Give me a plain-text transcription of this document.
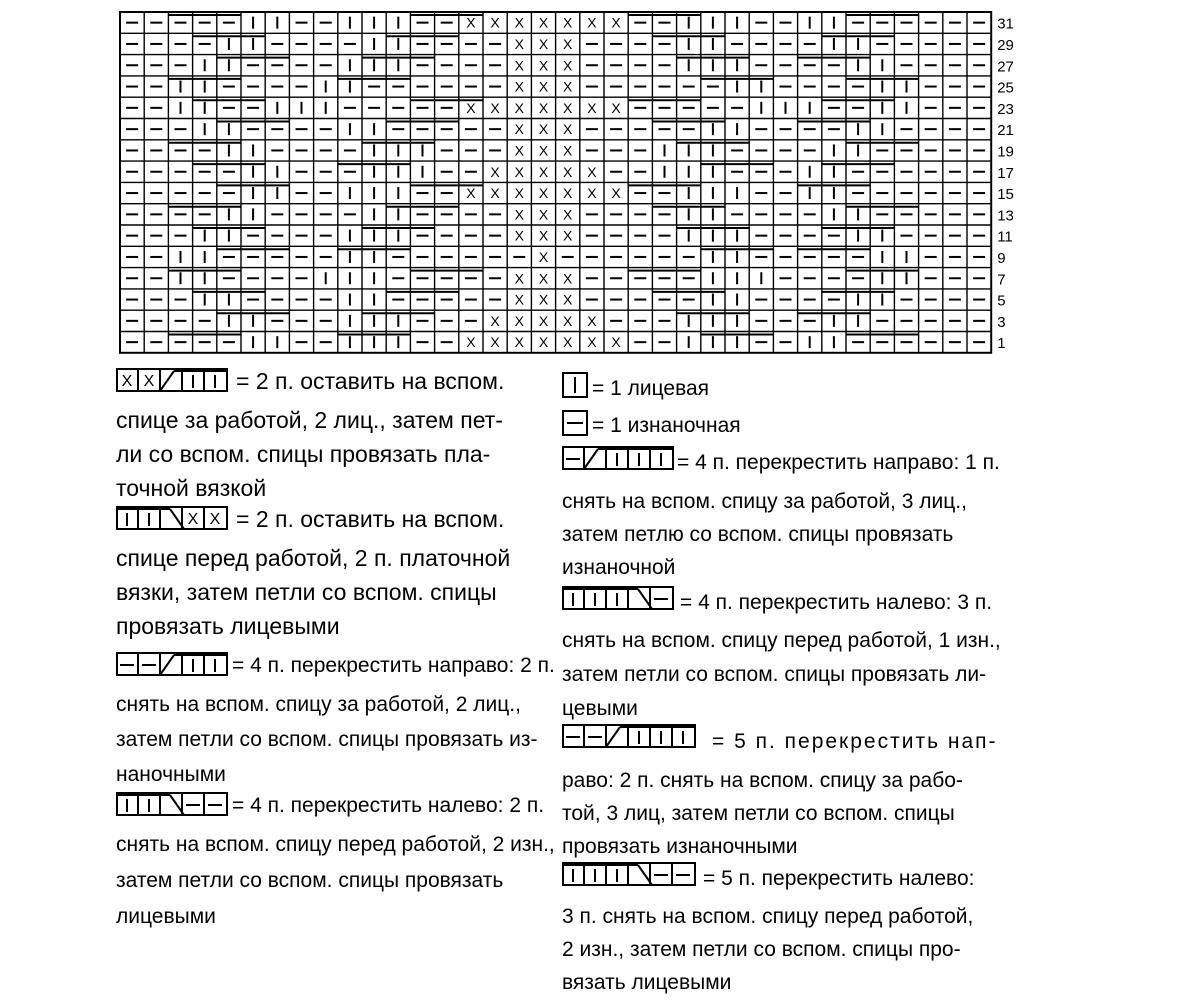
X X X X X X X
X X X
X X X
X X X
X X X X X X X
X X X
X X X
X X X X X
X X X X X X X
X X X
X X X
X
X X X
X X X
X X X X X
X X X X X X X
31
29
27
25
23
21
19
17
15
13
11
9
7
5
3
1
X X	= 2 п. оставить на вспом.
спице за работой, 2 лиц., затем пет-
ли со вспом. спицы провязать пла-
точной вязкой
X X = 2 п. оставить на вспом.
спице перед работой, 2 п. платочной
вязки, затем петли со вспом. спицы
провязать лицевыми
= 4 п. перекрестить направо: 2 п.
снять на вспом. спицу за работой, 2 лиц.,
затем петли со вспом. спицы провязать из-
наночными
= 4 п. перекрестить налево: 2 п.
снять на вспом. спицу перед работой, 2 изн.,
затем петли со вспом. спицы провязать
лицевыми
= 1 лицевая
= 1 изнаночная
= 4 п. перекрестить направо: 1 п.
снять на вспом. спицу за работой, 3 лиц.,
затем петлю со вспом. спицы провязать
изнаночной
= 4 п. перекрестить налево: 3 п.
снять на вспом. спицу перед работой, 1 изн.,
затем петли со вспом. спицы провязать ли-
цевыми
= 5 п. перекрестить нап-
раво: 2 п. снять на вспом. спицу за рабо-
той, 3 лиц, затем петли со вспом. спицы
провязать изнаночными
= 5 п. перекрестить налево:
3 п. снять на вспом. спицу перед работой,
2 изн., затем петли со вспом. спицы про-
вязать лицевыми
